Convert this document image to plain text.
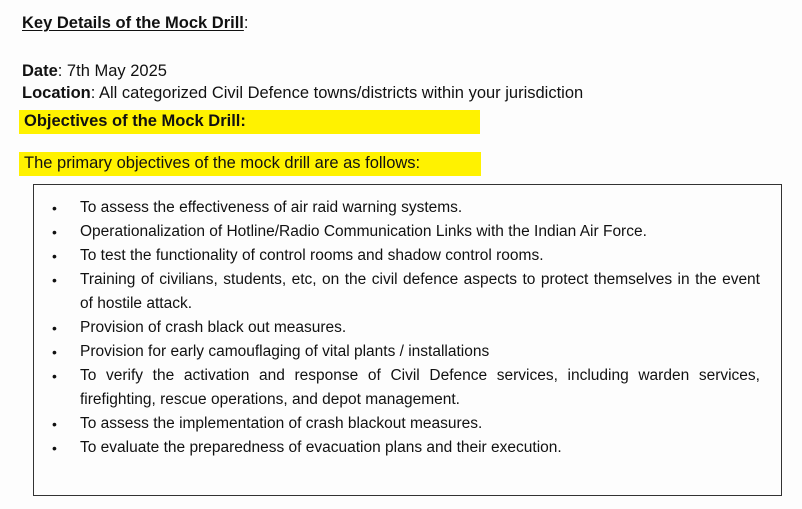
Key Details of the Mock Drill:
Date: 7th May 2025
Location: All categorized Civil Defence towns/districts within your jurisdiction
Objectives of the Mock Drill:
The primary objectives of the mock drill are as follows:
• To assess the effectiveness of air raid warning systems.
• Operationalization of Hotline/Radio Communication Links with the Indian Air Force.
• To test the functionality of control rooms and shadow control rooms.
• Training of civilians, students, etc, on the civil defence aspects to protect themselves in the event of hostile attack.
• Provision of crash black out measures.
• Provision for early camouflaging of vital plants / installations
• To verify the activation and response of Civil Defence services, including warden services, firefighting, rescue operations, and depot management.
• To assess the implementation of crash blackout measures.
• To evaluate the preparedness of evacuation plans and their execution.
